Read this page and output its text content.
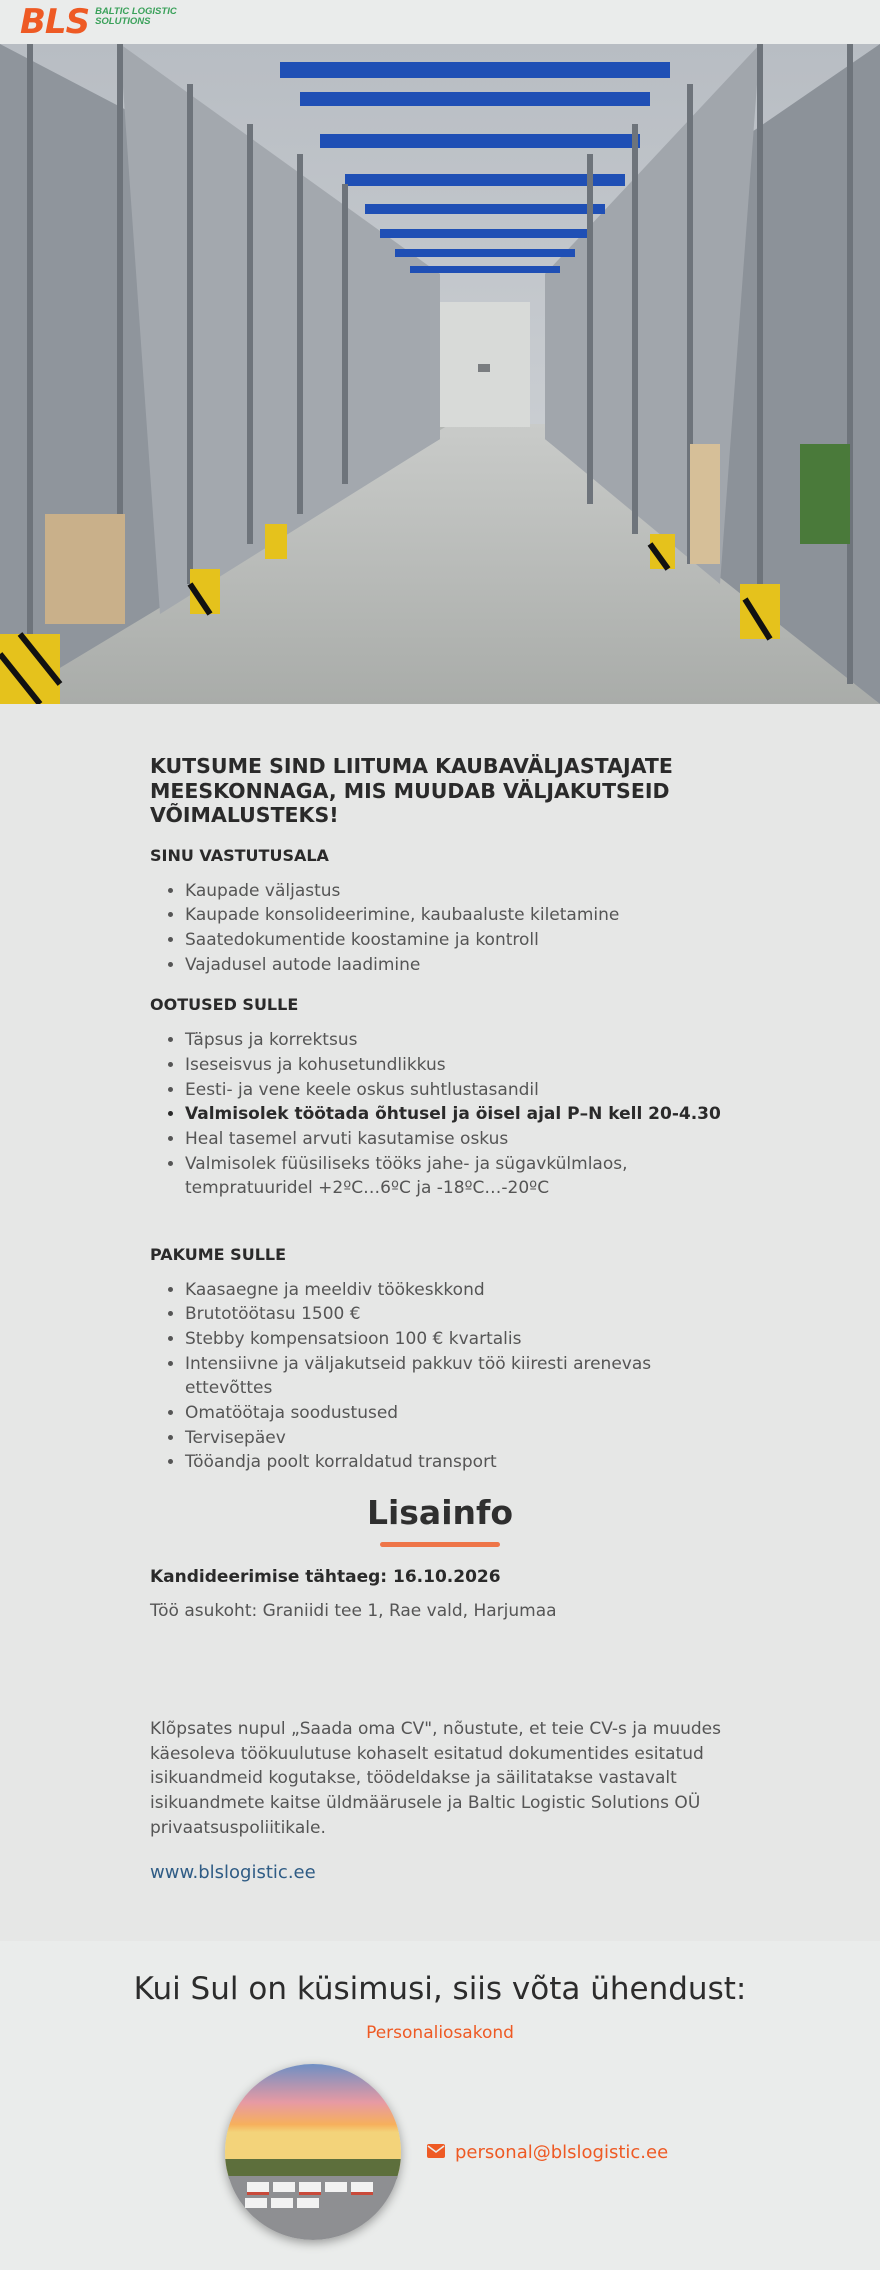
BLS BALTIC LOGISTIC
SOLUTIONS
KUTSUME SIND LIITUMA KAUBAVÄLJASTAJATE MEESKONNAGA, MIS MUUDAB VÄLJAKUTSEID VÕIMALUSTEKS!
SINU VASTUTUSALA
• Kaupade väljastus
• Kaupade konsolideerimine, kaubaaluste kiletamine
• Saatedokumentide koostamine ja kontroll
• Vajadusel autode laadimine
OOTUSED SULLE
• Täpsus ja korrektsus
• Iseseisvus ja kohusetundlikkus
• Eesti- ja vene keele oskus suhtlustasandil
• Valmisolek töötada õhtusel ja öisel ajal P–N kell 20-4.30
• Heal tasemel arvuti kasutamise oskus
• Valmisolek füüsiliseks tööks jahe- ja sügavkülmlaos, tempratuuridel +2ºC…6ºC ja -18ºC…-20ºC
PAKUME SULLE
• Kaasaegne ja meeldiv töökeskkond
• Brutotöötasu 1500 €
• Stebby kompensatsioon 100 € kvartalis
• Intensiivne ja väljakutseid pakkuv töö kiiresti arenevas ettevõttes
• Omatöötaja soodustused
• Tervisepäev
• Tööandja poolt korraldatud transport
Lisainfo

Kandideerimise tähtaeg: 16.10.2026

Töö asukoht: Graniidi tee 1, Rae vald, Harjumaa

Klõpsates nupul „Saada oma CV", nõustute, et teie CV-s ja muudes käesoleva töökuulutuse kohaselt esitatud dokumentides esitatud isikuandmeid kogutakse, töödeldakse ja säilitatakse vastavalt isikuandmete kaitse üldmäärusele ja Baltic Logistic Solutions OÜ privaatsuspoliitikale.

www.blslogistic.ee
Kui Sul on küsimusi, siis võta ühendust:
Personaliosakond
personal@blslogistic.ee
